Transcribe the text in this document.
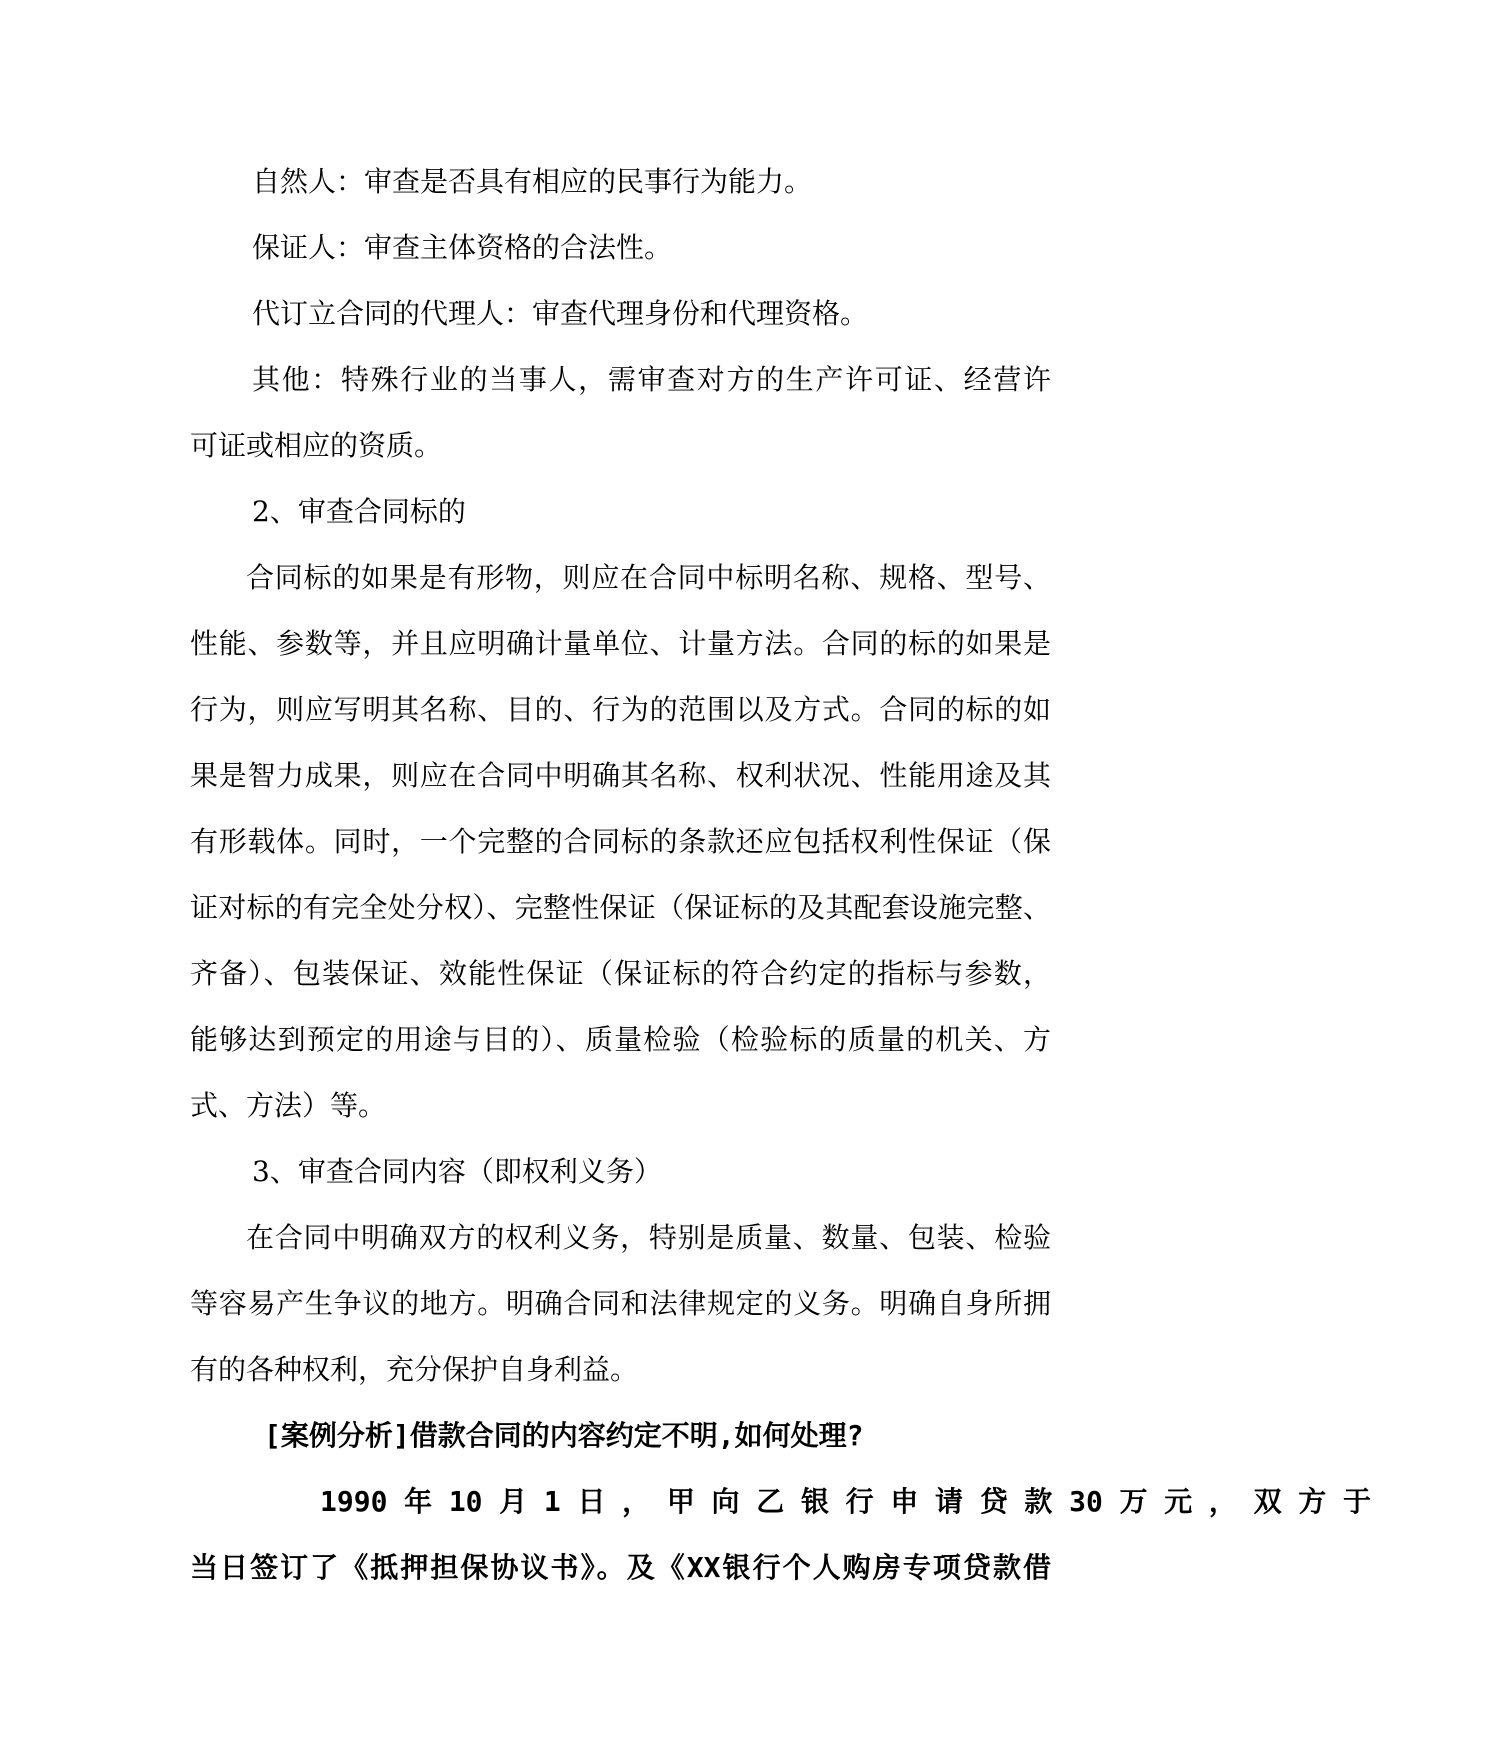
自然人：审查是否具有相应的民事行为能力。
保证人：审查主体资格的合法性。
代订立合同的代理人：审查代理身份和代理资格。
其他：特殊行业的当事人，需审查对方的生产许可证、经营许
可证或相应的资质。
2、审查合同标的
合同标的如果是有形物，则应在合同中标明名称、规格、型号、
性能、参数等，并且应明确计量单位、计量方法。合同的标的如果是
行为，则应写明其名称、目的、行为的范围以及方式。合同的标的如
果是智力成果，则应在合同中明确其名称、权利状况、性能用途及其
有形载体。同时，一个完整的合同标的条款还应包括权利性保证（保
证对标的有完全处分权）、完整性保证（保证标的及其配套设施完整、
齐备）、包装保证、效能性保证（保证标的符合约定的指标与参数，
能够达到预定的用途与目的）、质量检验（检验标的质量的机关、方
式、方法）等。
3、审查合同内容（即权利义务）
在合同中明确双方的权利义务，特别是质量、数量、包装、检验
等容易产生争议的地方。明确合同和法律规定的义务。明确自身所拥
有的各种权利，充分保护自身利益。
[案例分析]借款合同的内容约定不明,如何处理?
1990年10月1日，甲向乙银行申请贷款30万元，双方于
当日签订了《抵押担保协议书》。及《XX银行个人购房专项贷款借
